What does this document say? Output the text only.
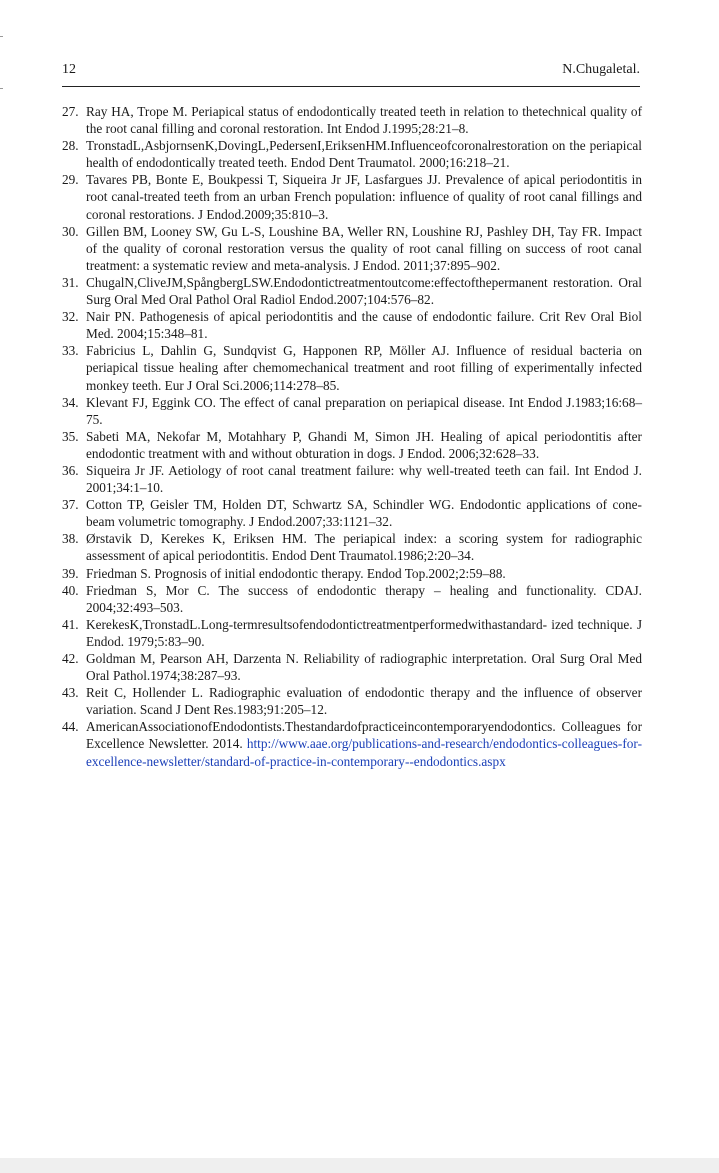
12	N.Chugaletal.
27. Ray HA, Trope M. Periapical status of endodontically treated teeth in relation to thetechnical quality of the root canal filling and coronal restoration. Int Endod J.1995;28:21–8.
28. TronstadL,AsbjornsenK,DovingL,PedersenI,EriksenHM.Influenceofcoronalrestoration on the periapical health of endodontically treated teeth. Endod Dent Traumatol. 2000;16:218–21.
29. Tavares PB, Bonte E, Boukpessi T, Siqueira Jr JF, Lasfargues JJ. Prevalence of apical periodontitis in root canal-treated teeth from an urban French population: influence of quality of root canal fillings and coronal restorations. J Endod.2009;35:810–3.
30. Gillen BM, Looney SW, Gu L-S, Loushine BA, Weller RN, Loushine RJ, Pashley DH, Tay FR. Impact of the quality of coronal restoration versus the quality of root canal filling on success of root canal treatment: a systematic review and meta-analysis. J Endod. 2011;37:895–902.
31. ChugalN,CliveJM,SpångbergLSW.Endodontictreatmentoutcome:effectofthepermanent restoration. Oral Surg Oral Med Oral Pathol Oral Radiol Endod.2007;104:576–82.
32. Nair PN. Pathogenesis of apical periodontitis and the cause of endodontic failure. Crit Rev Oral Biol Med. 2004;15:348–81.
33. Fabricius L, Dahlin G, Sundqvist G, Happonen RP, Möller AJ. Influence of residual bacteria on periapical tissue healing after chemomechanical treatment and root filling of experimentally infected monkey teeth. Eur J Oral Sci.2006;114:278–85.
34. Klevant FJ, Eggink CO. The effect of canal preparation on periapical disease. Int Endod J.1983;16:68–75.
35. Sabeti MA, Nekofar M, Motahhary P, Ghandi M, Simon JH. Healing of apical periodontitis after endodontic treatment with and without obturation in dogs. J Endod. 2006;32:628–33.
36. Siqueira Jr JF. Aetiology of root canal treatment failure: why well-treated teeth can fail. Int Endod J. 2001;34:1–10.
37. Cotton TP, Geisler TM, Holden DT, Schwartz SA, Schindler WG. Endodontic applications of cone-beam volumetric tomography. J Endod.2007;33:1121–32.
38. Ørstavik D, Kerekes K, Eriksen HM. The periapical index: a scoring system for radiographic assessment of apical periodontitis. Endod Dent Traumatol.1986;2:20–34.
39. Friedman S. Prognosis of initial endodontic therapy. Endod Top.2002;2:59–88.
40. Friedman S, Mor C. The success of endodontic therapy – healing and functionality. CDAJ. 2004;32:493–503.
41. KerekesK,TronstadL.Long-termresultsofendodontictreatmentperformedwithastandard- ized technique. J Endod. 1979;5:83–90.
42. Goldman M, Pearson AH, Darzenta N. Reliability of radiographic interpretation. Oral Surg Oral Med Oral Pathol.1974;38:287–93.
43. Reit C, Hollender L. Radiographic evaluation of endodontic therapy and the influence of observer variation. Scand J Dent Res.1983;91:205–12.
44. AmericanAssociationofEndodontists.Thestandardofpracticeincontemporaryendodontics. Colleagues for Excellence Newsletter. 2014. http://www.aae.org/publications-and-research/endodontics-colleagues-for-excellence-newsletter/standard-of-practice-in-contemporary--endodontics.aspx
